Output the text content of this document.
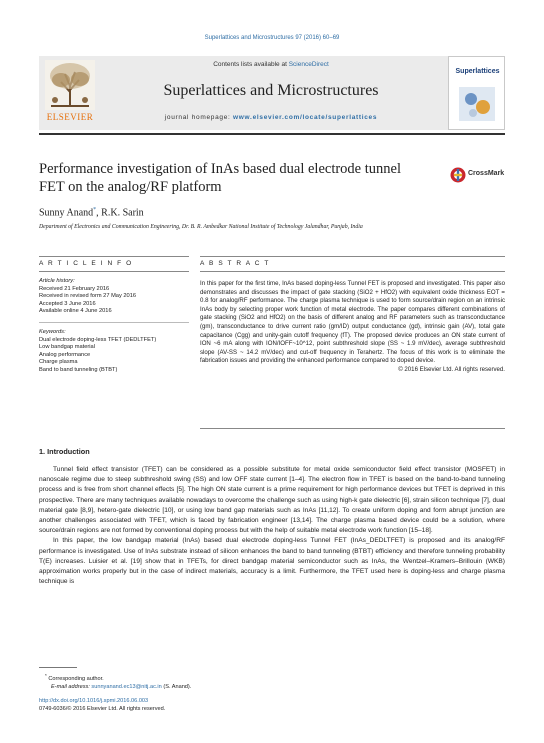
Superlattices and Microstructures 97 (2016) 60–69
ELSEVIER
Contents lists available at ScienceDirect
Superlattices and Microstructures
journal homepage: www.elsevier.com/locate/superlattices
Superlattices
Performance investigation of InAs based dual electrode tunnel FET on the analog/RF platform
CrossMark
Sunny Anand*, R.K. Sarin
Department of Electronics and Communication Engineering, Dr. B. R. Ambedkar National Institute of Technology Jalandhar, Punjab, India
A R T I C L E I N F O
Article history:
Received 21 February 2016
Received in revised form 27 May 2016
Accepted 3 June 2016
Available online 4 June 2016
Keywords:
Dual electrode doping-less TFET (DEDLTFET)
Low bandgap material
Analog performance
Charge plasma
Band to band tunneling (BTBT)
A B S T R A C T
In this paper for the first time, InAs based doping-less Tunnel FET is proposed and investigated. This paper also demonstrates and discusses the impact of gate stacking (SiO2 + HfO2) with equivalent oxide thickness EOT = 0.8 for analog/RF performance. The charge plasma technique is used to form source/drain region on an intrinsic InAs body by selecting proper work function of metal electrode. The paper compares different combinations of gate stacking (SiO2 and HfO2) on the basis of different analog and RF parameters such as transconductance (gm), transconductance to drive current ratio (gm/ID) output conductance (gd), intrinsic gain (AV), total gate capacitance (Cgg) and unity-gain cutoff frequency (fT). The proposed device produces an ON state current of ION ~6 mA along with ION/IOFF~10^12, point subthreshold slope (SS ~ 1.9 mV/dec), average subthreshold slope (AV-SS ~ 14.2 mV/dec) and cut-off frequency in Terahertz. The focus of this work is to eliminate the fabrication issues and providing the enhanced performance compared to doped device.
© 2016 Elsevier Ltd. All rights reserved.
1. Introduction

Tunnel field effect transistor (TFET) can be considered as a possible substitute for metal oxide semiconductor field effect transistor (MOSFET) in nanoscale regime due to steep subthreshold swing (SS) and low OFF state current [1–4]. The electron flow in TFET is based on the band-to-band tunneling process and is free from short channel effects [5]. The high ON state current is a prime requirement for high performance devices but TFET is deprived in this prospective. There are many techniques available nowadays to overcome the challenge such as using high-k gate dielectric [6], strain silicon technique [7], dual material gate [8,9], hetero-gate dielectric [10], or using low band gap materials such as InAs [11,12]. To create uniform doping and form abrupt junction are another challenges associated with TFET, which is faced by fabrication engineer [13,14]. The charge plasma based device could be a solution, where source/drain regions are not formed by conventional doping process but with the help of suitable metal electrode work function [15–18].

In this paper, the low bandgap material (InAs) based dual electrode doping-less Tunnel FET (InAs_DEDLTFET) is proposed and its analog/RF performance is investigated. Use of InAs substrate instead of silicon enhances the band to band tunneling (BTBT) efficiency and therefore tunneling probability T(E) increases. Luisier et al. [19] show that in TFETs, for direct bandgap material semiconductor such as InAs, the Wentzel–Kramers–Brillouin (WKB) approximation works properly but in the case of indirect materials, accuracy is a limit. Furthermore, the TFET used here is doping-less and charge plasma technique is

* Corresponding author.
E-mail address: sunnyanand.ec13@nitj.ac.in (S. Anand).
http://dx.doi.org/10.1016/j.spmi.2016.06.003
0749-6036/© 2016 Elsevier Ltd. All rights reserved.
